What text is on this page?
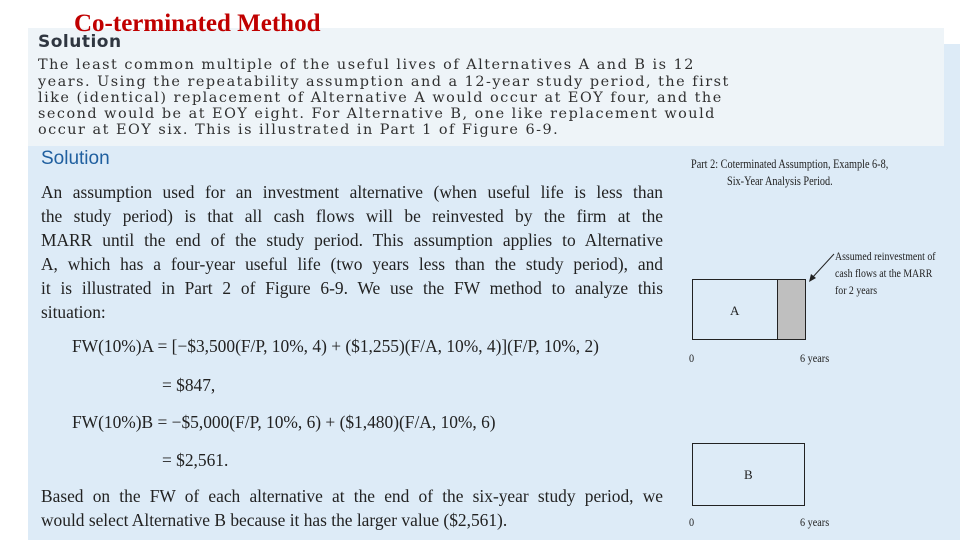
Co-terminated Method
Solution
The least common multiple of the useful lives of Alternatives A and B is 12
years. Using the repeatability assumption and a 12-year study period, the first
like (identical) replacement of Alternative A would occur at EOY four, and the
second would be at EOY eight. For Alternative B, one like replacement would
occur at EOY six. This is illustrated in Part 1 of Figure 6-9.
Solution
An assumption used for an investment alternative (when useful life is less than
the study period) is that all cash flows will be reinvested by the firm at the
MARR until the end of the study period. This assumption applies to Alternative
A, which has a four-year useful life (two years less than the study period), and
it is illustrated in Part 2 of Figure 6-9. We use the FW method to analyze this
situation:
FW(10%)A = [−$3,500(F/P, 10%, 4) + ($1,255)(F/A, 10%, 4)](F/P, 10%, 2)
= $847,
FW(10%)B = −$5,000(F/P, 10%, 6) + ($1,480)(F/A, 10%, 6)
= $2,561.
Based on the FW of each alternative at the end of the six-year study period, we
would select Alternative B because it has the larger value ($2,561).
Part 2: Coterminated Assumption, Example 6-8,
Six-Year Analysis Period.
Assumed reinvestment of
cash flows at the MARR
for 2 years
A
0	6 years
B
0	6 years
